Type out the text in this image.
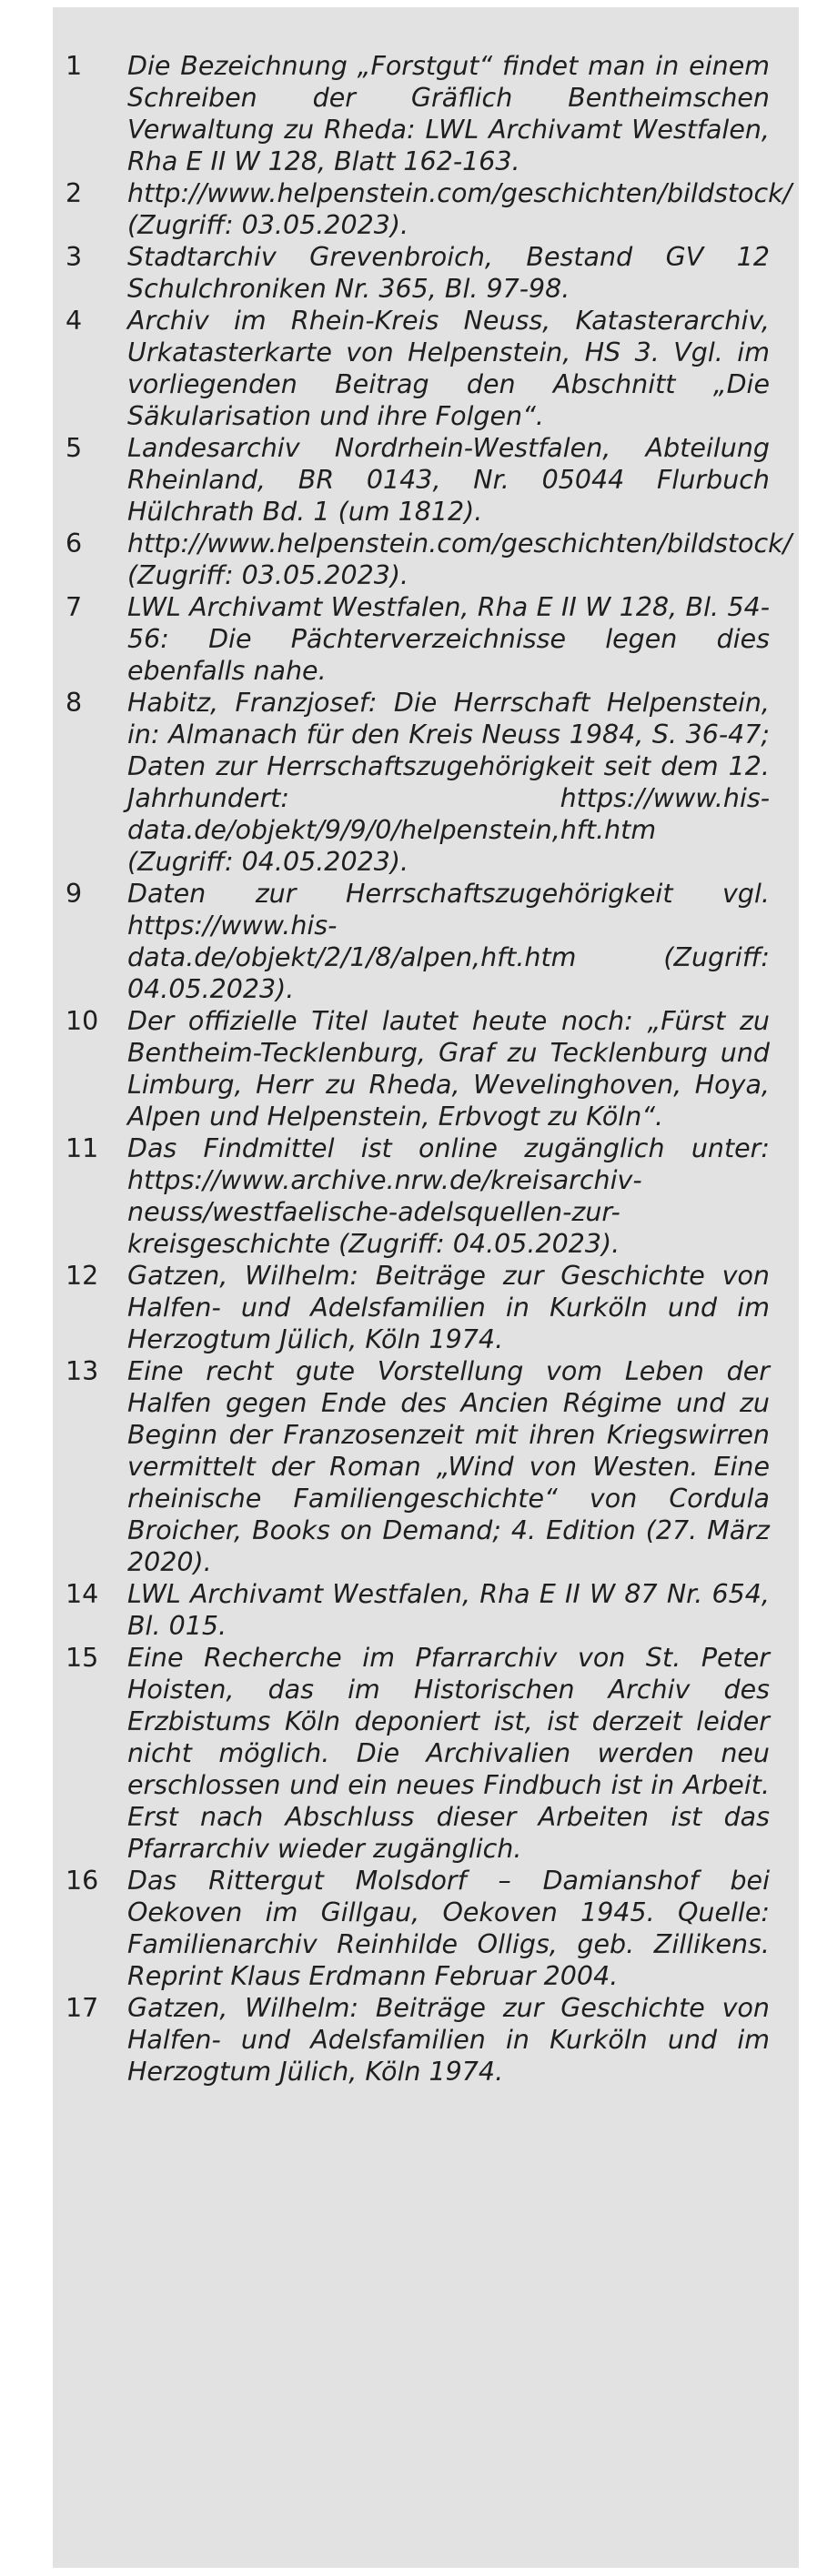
1 Die Bezeichnung „Forstgut“ findet man in einem Schreiben der Gräflich Bentheimschen Verwaltung zu Rheda: LWL Archivamt Westfalen, Rha E II W 128, Blatt 162-163.
2 http://www.helpenstein.com/geschichten/bildstock/ (Zugriff: 03.05.2023).
3 Stadtarchiv Grevenbroich, Bestand GV 12 Schulchroniken Nr. 365, Bl. 97-98.
4 Archiv im Rhein-Kreis Neuss, Katasterarchiv, Urkatasterkarte von Helpenstein, HS 3. Vgl. im vorliegenden Beitrag den Abschnitt „Die Säkularisation und ihre Folgen“.
5 Landesarchiv Nordrhein-Westfalen, Abteilung Rheinland, BR 0143, Nr. 05044 Flurbuch Hülchrath Bd. 1 (um 1812).
6 http://www.helpenstein.com/geschichten/bildstock/ (Zugriff: 03.05.2023).
7 LWL Archivamt Westfalen, Rha E II W 128, Bl. 54-56: Die Pächterverzeichnisse legen dies ebenfalls nahe.
8 Habitz, Franzjosef: Die Herrschaft Helpenstein, in: Almanach für den Kreis Neuss 1984, S. 36-47; Daten zur Herrschaftszugehörigkeit seit dem 12. Jahrhundert: https://www.his-data.de/objekt/9/9/0/helpenstein,hft.htm (Zugriff: 04.05.2023).
9 Daten zur Herrschaftszugehörigkeit vgl. https://www.his-data.de/objekt/2/1/8/alpen,hft.htm (Zugriff: 04.05.2023).
10 Der offizielle Titel lautet heute noch: „Fürst zu Bentheim-Tecklenburg, Graf zu Tecklenburg und Limburg, Herr zu Rheda, Wevelinghoven, Hoya, Alpen und Helpenstein, Erbvogt zu Köln“.
11 Das Findmittel ist online zugänglich unter: https://www.archive.nrw.de/kreisarchiv-neuss/westfaelische-adelsquellen-zur-kreisgeschichte (Zugriff: 04.05.2023).
12 Gatzen, Wilhelm: Beiträge zur Geschichte von Halfen- und Adelsfamilien in Kurköln und im Herzogtum Jülich, Köln 1974.
13 Eine recht gute Vorstellung vom Leben der Halfen gegen Ende des Ancien Régime und zu Beginn der Franzosenzeit mit ihren Kriegswirren vermittelt der Roman „Wind von Westen. Eine rheinische Familiengeschichte“ von Cordula Broicher, Books on Demand; 4. Edition (27. März 2020).
14 LWL Archivamt Westfalen, Rha E II W 87 Nr. 654, Bl. 015.
15 Eine Recherche im Pfarrarchiv von St. Peter Hoisten, das im Historischen Archiv des Erzbistums Köln deponiert ist, ist derzeit leider nicht möglich. Die Archivalien werden neu erschlossen und ein neues Findbuch ist in Arbeit. Erst nach Abschluss dieser Arbeiten ist das Pfarrarchiv wieder zugänglich.
16 Das Rittergut Molsdorf – Damianshof bei Oekoven im Gillgau, Oekoven 1945. Quelle: Familienarchiv Reinhilde Olligs, geb. Zillikens. Reprint Klaus Erdmann Februar 2004.
17 Gatzen, Wilhelm: Beiträge zur Geschichte von Halfen- und Adelsfamilien in Kurköln und im Herzogtum Jülich, Köln 1974.
